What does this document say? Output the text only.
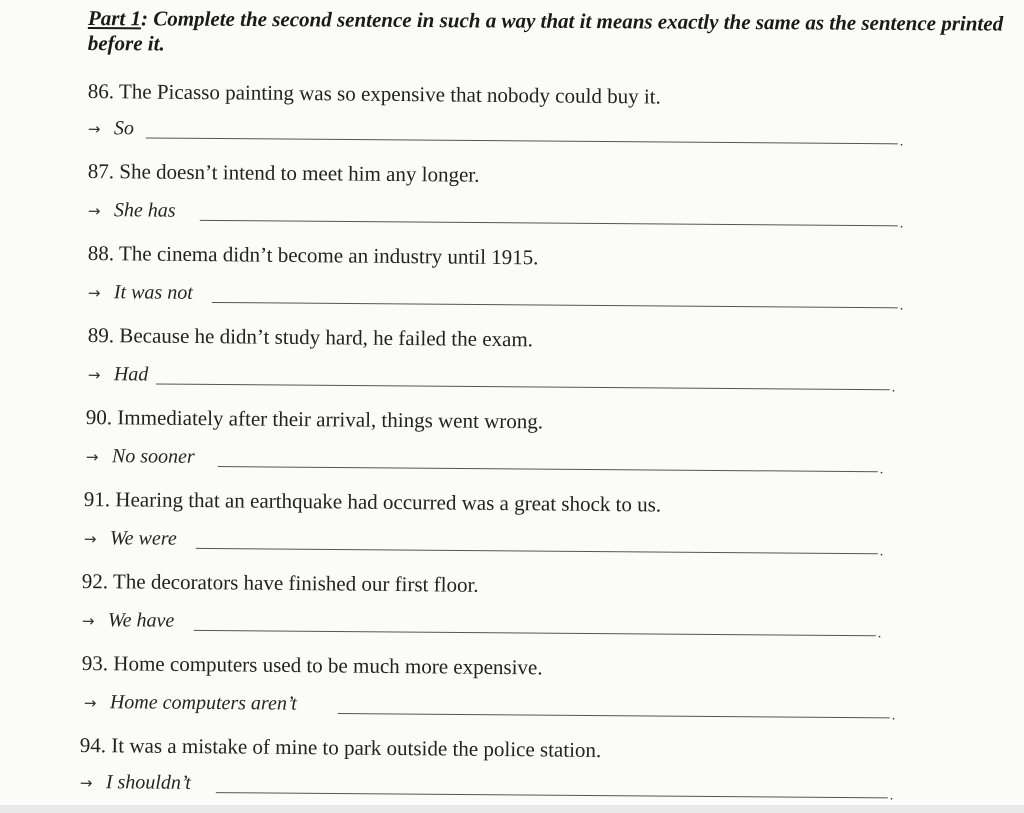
Part 1: Complete the second sentence in such a way that it means exactly the same as the sentence printed before it.
86. The Picasso painting was so expensive that nobody could buy it.
→ So
.
87. She doesn’t intend to meet him any longer.
→ She has
.
88. The cinema didn’t become an industry until 1915.
→ It was not
.
89. Because he didn’t study hard, he failed the exam.
→ Had
.
90. Immediately after their arrival, things went wrong.
→ No sooner
.
91. Hearing that an earthquake had occurred was a great shock to us.
→ We were
.
92. The decorators have finished our first floor.
→ We have
.
93. Home computers used to be much more expensive.
→ Home computers aren’t
.
94. It was a mistake of mine to park outside the police station.
→ I shouldn’t
.
